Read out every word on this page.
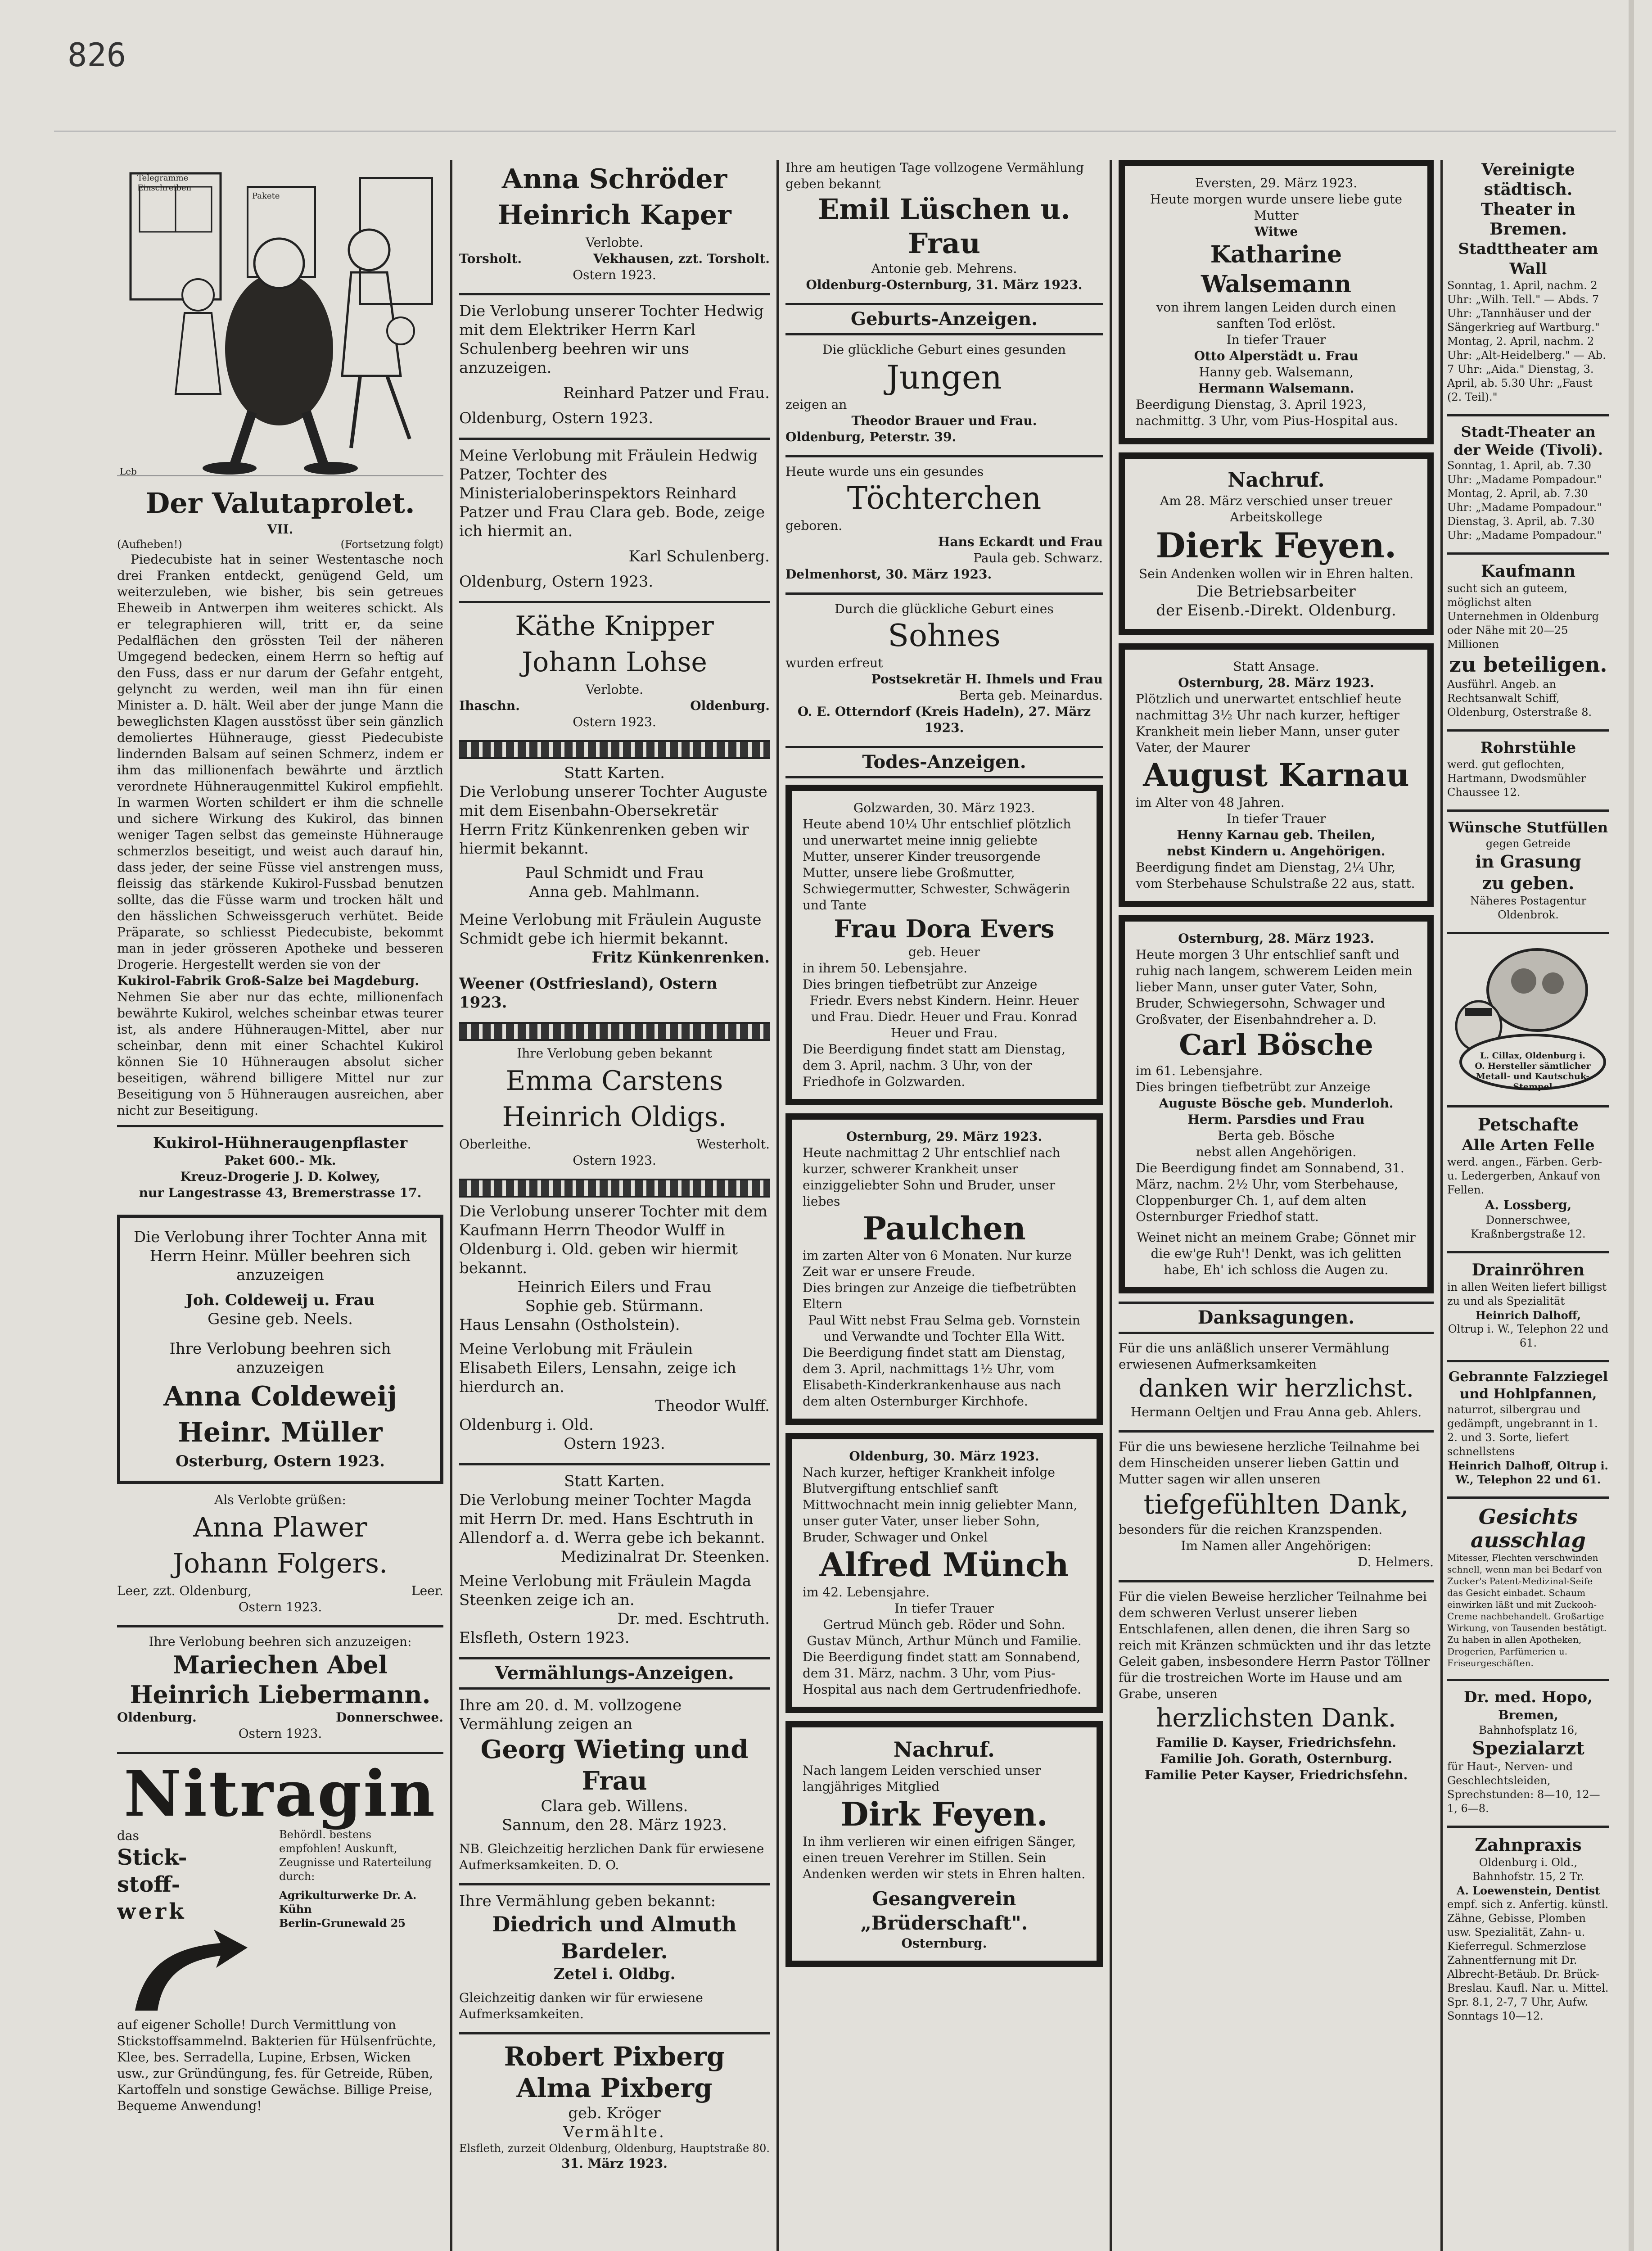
826
Telegramme
Einschreiben
Pakete
Leb
Der Valutaprolet.
VII.
(Aufheben!)	(Fortsetzung folgt)

Piedecubiste hat in seiner Westentasche noch drei Franken entdeckt, genügend Geld, um weiterzuleben, wie bisher, bis sein getreues Eheweib in Antwerpen ihm weiteres schickt. Als er telegraphieren will, tritt er, da seine Pedalflächen den grössten Teil der näheren Umgegend bedecken, einem Herrn so heftig auf den Fuss, dass er nur darum der Gefahr entgeht, gelyncht zu werden, weil man ihn für einen Minister a. D. hält. Weil aber der junge Mann die beweglichsten Klagen ausstösst über sein gänzlich demoliertes Hühnerauge, giesst Piedecubiste lindernden Balsam auf seinen Schmerz, indem er ihm das millionenfach bewährte und ärztlich verordnete Hühneraugenmittel Kukirol empfiehlt. In warmen Worten schildert er ihm die schnelle und sichere Wirkung des Kukirol, das binnen weniger Tagen selbst das gemeinste Hühnerauge schmerzlos beseitigt, und weist auch darauf hin, dass jeder, der seine Füsse viel anstrengen muss, fleissig das stärkende Kukirol-Fussbad benutzen sollte, das die Füsse warm und trocken hält und den hässlichen Schweissgeruch verhütet. Beide Präparate, so schliesst Piedecubiste, bekommt man in jeder grösseren Apotheke und besseren Drogerie. Hergestellt werden sie von der

Kukirol-Fabrik Groß-Salze bei Magdeburg.

Nehmen Sie aber nur das echte, millionenfach bewährte Kukirol, welches scheinbar etwas teurer ist, als andere Hühneraugen-Mittel, aber nur scheinbar, denn mit einer Schachtel Kukirol können Sie 10 Hühneraugen absolut sicher beseitigen, während billigere Mittel nur zur Beseitigung von 5 Hühneraugen ausreichen, aber nicht zur Beseitigung.

Kukirol-Hühneraugenpflaster
Paket 600.- Mk.
Kreuz-Drogerie J. D. Kolwey,
nur Langestrasse 43, Bremerstrasse 17.

Die Verlobung ihrer Tochter Anna mit Herrn Heinr. Müller beehren sich anzuzeigen

Joh. Coldeweij u. Frau

Gesine geb. Neels.

Ihre Verlobung beehren sich anzuzeigen

Anna Coldeweij
Heinr. Müller

Osterburg, Ostern 1923.

Als Verlobte grüßen:

Anna Plawer
Johann Folgers.
Leer, zzt. Oldenburg,	Leer.

Ostern 1923.

Ihre Verlobung beehren sich anzuzeigen:

Mariechen Abel
Heinrich Liebermann.
Oldenburg.	Donnerschwee.

Ostern 1923.

Nitragin

das

Stick-
stoff-
werk

Behördl. bestens empfohlen! Auskunft, Zeugnisse und Raterteilung durch:

Agrikulturwerke Dr. A. Kühn

Berlin-Grunewald 25

auf eigener Scholle! Durch Vermittlung von Stickstoffsammelnd. Bakterien für Hülsenfrüchte, Klee, bes. Serradella, Lupine, Erbsen, Wicken usw., zur Gründüngung, fes. für Getreide, Rüben, Kartoffeln und sonstige Gewächse. Billige Preise, Bequeme Anwendung!

Anna Schröder
Heinrich Kaper

Verlobte.

Torsholt.	Vekhausen, zzt. Torsholt.

Ostern 1923.

Die Verlobung unserer Tochter Hedwig mit dem Elektriker Herrn Karl Schulenberg beehren wir uns anzuzeigen.

Reinhard Patzer und Frau.

Oldenburg, Ostern 1923.

Meine Verlobung mit Fräulein Hedwig Patzer, Tochter des Ministerialoberinspektors Reinhard Patzer und Frau Clara geb. Bode, zeige ich hiermit an.

Karl Schulenberg.

Oldenburg, Ostern 1923.

Käthe Knipper
Johann Lohse

Verlobte.

Ihaschn.	Oldenburg.

Ostern 1923.

Statt Karten.

Die Verlobung unserer Tochter Auguste mit dem Eisenbahn-Obersekretär Herrn Fritz Künkenrenken geben wir hiermit bekannt.

Paul Schmidt und Frau

Anna geb. Mahlmann.

Meine Verlobung mit Fräulein Auguste Schmidt gebe ich hiermit bekannt.

Fritz Künkenrenken.

Weener (Ostfriesland), Ostern 1923.

Ihre Verlobung geben bekannt

Emma Carstens
Heinrich Oldigs.
Oberleithe.	Westerholt.

Ostern 1923.

Die Verlobung unserer Tochter mit dem Kaufmann Herrn Theodor Wulff in Oldenburg i. Old. geben wir hiermit bekannt.

Heinrich Eilers und Frau

Sophie geb. Stürmann.

Haus Lensahn (Ostholstein).

Meine Verlobung mit Fräulein Elisabeth Eilers, Lensahn, zeige ich hierdurch an.

Theodor Wulff.

Oldenburg i. Old.

Ostern 1923.

Statt Karten.

Die Verlobung meiner Tochter Magda mit Herrn Dr. med. Hans Eschtruth in Allendorf a. d. Werra gebe ich bekannt.

Medizinalrat Dr. Steenken.

Meine Verlobung mit Fräulein Magda Steenken zeige ich an.

Dr. med. Eschtruth.

Elsfleth, Ostern 1923.

Vermählungs-Anzeigen.

Ihre am 20. d. M. vollzogene Vermählung zeigen an

Georg Wieting und Frau

Clara geb. Willens.

Sannum, den 28. März 1923.

NB. Gleichzeitig herzlichen Dank für erwiesene Aufmerksamkeiten. D. O.

Ihre Vermählung geben bekannt:

Diedrich und Almuth Bardeler.

Zetel i. Oldbg.

Gleichzeitig danken wir für erwiesene Aufmerksamkeiten.

Robert Pixberg
Alma Pixberg

geb. Kröger

Vermählte.

Elsfleth, zurzeit Oldenburg, Oldenburg, Hauptstraße 80.

31. März 1923.

Ihre am heutigen Tage vollzogene Vermählung geben bekannt

Emil Lüschen u. Frau

Antonie geb. Mehrens.

Oldenburg-Osternburg, 31. März 1923.

Geburts-Anzeigen.

Die glückliche Geburt eines gesunden

Jungen

zeigen an

Theodor Brauer und Frau.

Oldenburg, Peterstr. 39.

Heute wurde uns ein gesundes

Töchterchen

geboren.

Hans Eckardt und Frau

Paula geb. Schwarz.

Delmenhorst, 30. März 1923.

Durch die glückliche Geburt eines

Sohnes

wurden erfreut

Postsekretär H. Ihmels und Frau

Berta geb. Meinardus.

O. E. Otterndorf (Kreis Hadeln), 27. März 1923.

Todes-Anzeigen.

Golzwarden, 30. März 1923.

Heute abend 10¼ Uhr entschlief plötzlich und unerwartet meine innig geliebte Mutter, unserer Kinder treusorgende Mutter, unsere liebe Großmutter, Schwiegermutter, Schwester, Schwägerin und Tante

Frau Dora Evers

geb. Heuer

in ihrem 50. Lebensjahre.

Dies bringen tiefbetrübt zur Anzeige

Friedr. Evers nebst Kindern. Heinr. Heuer und Frau. Diedr. Heuer und Frau. Konrad Heuer und Frau.

Die Beerdigung findet statt am Dienstag, dem 3. April, nachm. 3 Uhr, von der Friedhofe in Golzwarden.

Osternburg, 29. März 1923.

Heute nachmittag 2 Uhr entschlief nach kurzer, schwerer Krankheit unser einziggeliebter Sohn und Bruder, unser liebes

Paulchen

im zarten Alter von 6 Monaten. Nur kurze Zeit war er unsere Freude.

Dies bringen zur Anzeige die tiefbetrübten Eltern

Paul Witt nebst Frau Selma geb. Vornstein und Verwandte und Tochter Ella Witt.

Die Beerdigung findet statt am Dienstag, dem 3. April, nachmittags 1½ Uhr, vom Elisabeth-Kinderkrankenhause aus nach dem alten Osternburger Kirchhofe.

Oldenburg, 30. März 1923.

Nach kurzer, heftiger Krankheit infolge Blutvergiftung entschlief sanft Mittwochnacht mein innig geliebter Mann, unser guter Vater, unser lieber Sohn, Bruder, Schwager und Onkel

Alfred Münch

im 42. Lebensjahre.

In tiefer Trauer

Gertrud Münch geb. Röder und Sohn. Gustav Münch, Arthur Münch und Familie.

Die Beerdigung findet statt am Sonnabend, dem 31. März, nachm. 3 Uhr, vom Pius-Hospital aus nach dem Gertrudenfriedhofe.

Nachruf.

Nach langem Leiden verschied unser langjähriges Mitglied

Dirk Feyen.

In ihm verlieren wir einen eifrigen Sänger, einen treuen Verehrer im Stillen. Sein Andenken werden wir stets in Ehren halten.

Gesangverein „Brüderschaft".

Osternburg.

Eversten, 29. März 1923.

Heute morgen wurde unsere liebe gute Mutter

Witwe

Katharine Walsemann

von ihrem langen Leiden durch einen sanften Tod erlöst.

In tiefer Trauer

Otto Alperstädt u. Frau

Hanny geb. Walsemann,

Hermann Walsemann.

Beerdigung Dienstag, 3. April 1923, nachmittg. 3 Uhr, vom Pius-Hospital aus.

Nachruf.

Am 28. März verschied unser treuer Arbeitskollege

Dierk Feyen.

Sein Andenken wollen wir in Ehren halten.

Die Betriebsarbeiter

der Eisenb.-Direkt. Oldenburg.

Statt Ansage.

Osternburg, 28. März 1923.

Plötzlich und unerwartet entschlief heute nachmittag 3½ Uhr nach kurzer, heftiger Krankheit mein lieber Mann, unser guter Vater, der Maurer

August Karnau

im Alter von 48 Jahren.

In tiefer Trauer

Henny Karnau geb. Theilen,

nebst Kindern u. Angehörigen.

Beerdigung findet am Dienstag, 2¼ Uhr, vom Sterbehause Schulstraße 22 aus, statt.

Osternburg, 28. März 1923.

Heute morgen 3 Uhr entschlief sanft und ruhig nach langem, schwerem Leiden mein lieber Mann, unser guter Vater, Sohn, Bruder, Schwiegersohn, Schwager und Großvater, der Eisenbahndreher a. D.

Carl Bösche

im 61. Lebensjahre.

Dies bringen tiefbetrübt zur Anzeige

Auguste Bösche geb. Munderloh.

Herm. Parsdies und Frau

Berta geb. Bösche

nebst allen Angehörigen.

Die Beerdigung findet am Sonnabend, 31. März, nachm. 2½ Uhr, vom Sterbehause, Cloppenburger Ch. 1, auf dem alten Osternburger Friedhof statt.

Weinet nicht an meinem Grabe; Gönnet mir die ew'ge Ruh'! Denkt, was ich gelitten habe, Eh' ich schloss die Augen zu.

Danksagungen.

Für die uns anläßlich unserer Vermählung erwiesenen Aufmerksamkeiten

danken wir herzlichst.

Hermann Oeltjen und Frau Anna geb. Ahlers.

Für die uns bewiesene herzliche Teilnahme bei dem Hinscheiden unserer lieben Gattin und Mutter sagen wir allen unseren

tiefgefühlten Dank,

besonders für die reichen Kranzspenden.

Im Namen aller Angehörigen:

D. Helmers.

Für die vielen Beweise herzlicher Teilnahme bei dem schweren Verlust unserer lieben Entschlafenen, allen denen, die ihren Sarg so reich mit Kränzen schmückten und ihr das letzte Geleit gaben, insbesondere Herrn Pastor Töllner für die trostreichen Worte im Hause und am Grabe, unseren

herzlichsten Dank.

Familie D. Kayser, Friedrichsfehn.

Familie Joh. Gorath, Osternburg.

Familie Peter Kayser, Friedrichsfehn.

Vereinigte städtisch. Theater in Bremen.
Stadttheater am Wall

Sonntag, 1. April, nachm. 2 Uhr: „Wilh. Tell." — Abds. 7 Uhr: „Tannhäuser und der Sängerkrieg auf Wartburg." Montag, 2. April, nachm. 2 Uhr: „Alt-Heidelberg." — Ab. 7 Uhr: „Aida." Dienstag, 3. April, ab. 5.30 Uhr: „Faust (2. Teil)."

Stadt-Theater an der Weide (Tivoli).

Sonntag, 1. April, ab. 7.30 Uhr: „Madame Pompadour." Montag, 2. April, ab. 7.30 Uhr: „Madame Pompadour." Dienstag, 3. April, ab. 7.30 Uhr: „Madame Pompadour."

Kaufmann

sucht sich an guteem, möglichst alten Unternehmen in Oldenburg oder Nähe mit 20—25 Millionen

zu beteiligen.

Ausführl. Angeb. an Rechtsanwalt Schiff, Oldenburg, Osterstraße 8.

Rohrstühle

werd. gut geflochten, Hartmann, Dwodsmühler Chaussee 12.

Wünsche Stutfüllen

gegen Getreide

in Grasung
zu geben.

Näheres Postagentur Oldenbrok.

L. Cillax, Oldenburg i. O. Hersteller sämtlicher Metall- und Kautschuk-Stempel
Petschafte
Alle Arten Felle

werd. angen., Färben. Gerb- u. Ledergerben, Ankauf von Fellen.

A. Lossberg,

Donnerschwee, Kraßnbergstraße 12.

Drainröhren

in allen Weiten liefert billigst zu und als Spezialität

Heinrich Dalhoff,

Oltrup i. W., Telephon 22 und 61.

Gebrannte Falzziegel und Hohlpfannen,

naturrot, silbergrau und gedämpft, ungebrannt in 1. 2. und 3. Sorte, liefert schnellstens

Heinrich Dalhoff, Oltrup i. W., Telephon 22 und 61.

Gesichts ausschlag

Mitesser, Flechten verschwinden schnell, wenn man bei Bedarf von Zucker's Patent-Medizinal-Seife das Gesicht einbadet. Schaum einwirken läßt und mit Zuckooh-Creme nachbehandelt. Großartige Wirkung, von Tausenden bestätigt. Zu haben in allen Apotheken, Drogerien, Parfümerien u. Friseurgeschäften.

Dr. med. Hopo,

Bremen,

Bahnhofsplatz 16,

Spezialarzt

für Haut-, Nerven- und Geschlechtsleiden, Sprechstunden: 8—10, 12—1, 6—8.

Zahnpraxis

Oldenburg i. Old., Bahnhofstr. 15, 2 Tr.

A. Loewenstein, Dentist

empf. sich z. Anfertig. künstl. Zähne, Gebisse, Plomben usw. Spezialität, Zahn- u. Kieferregul. Schmerzlose Zahnentfernung mit Dr. Albrecht-Betäub. Dr. Brück-Breslau. Kaufl. Nar. u. Mittel. Spr. 8.1, 2-7, 7 Uhr, Aufw. Sonntags 10—12.
